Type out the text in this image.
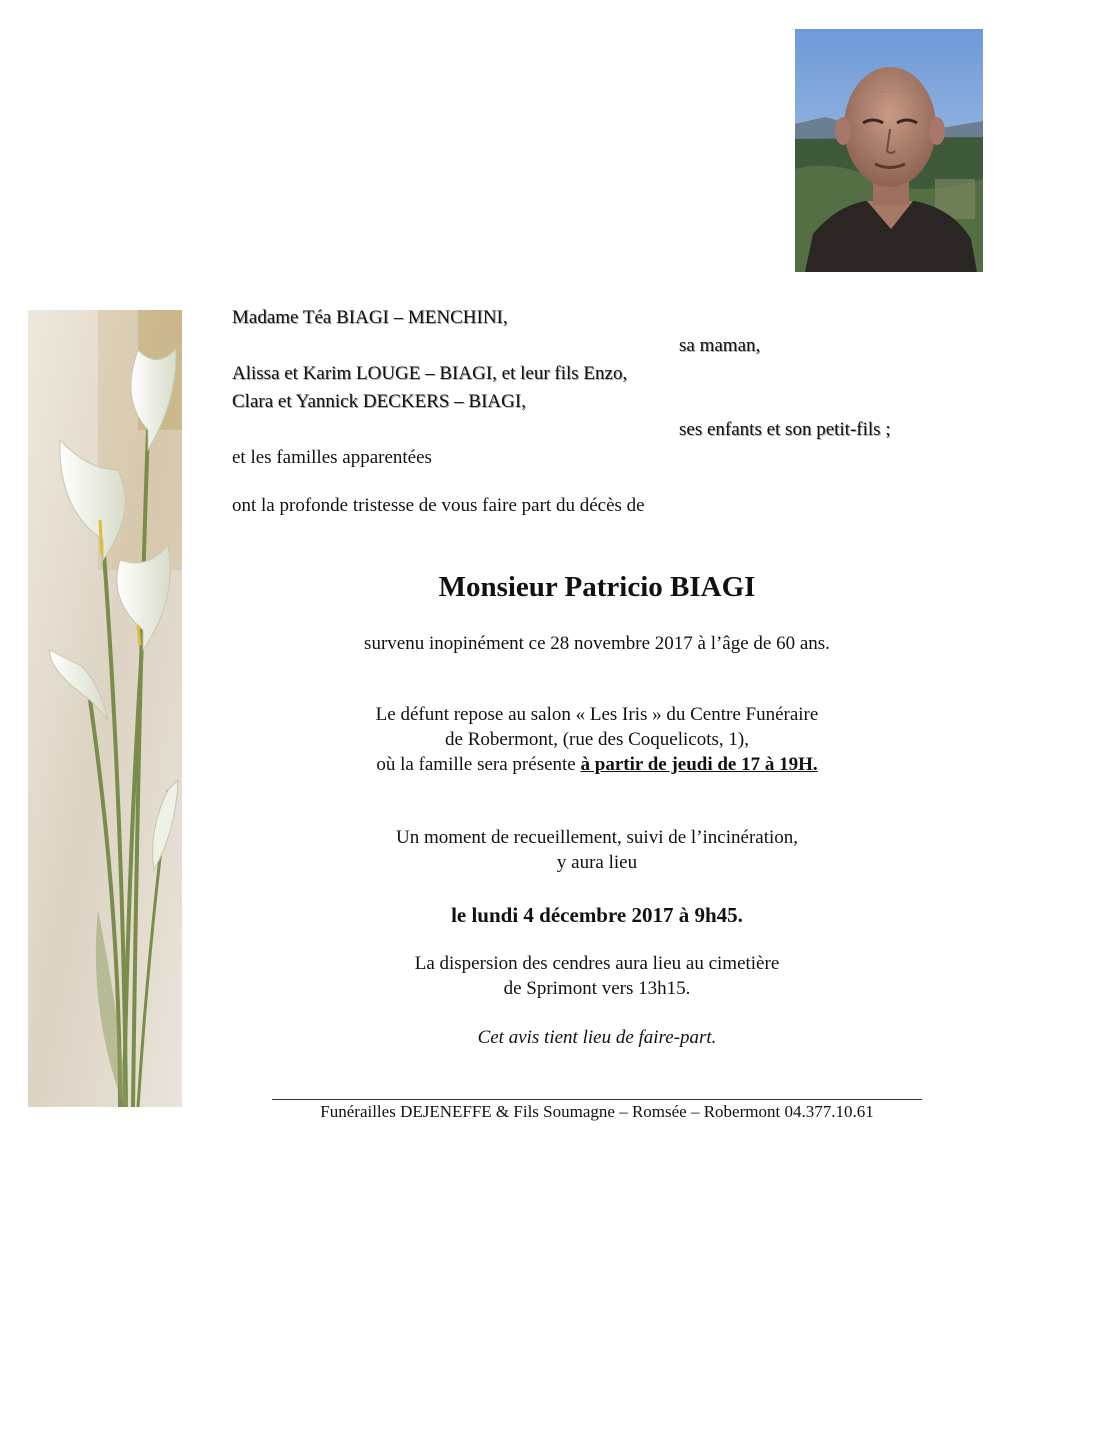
Madame Téa BIAGI – MENCHINI,
sa maman,
Alissa et Karim LOUGE – BIAGI, et leur fils Enzo,
Clara et Yannick DECKERS – BIAGI,
ses enfants et son petit-fils ;
et les familles apparentées
ont la profonde tristesse de vous faire part du décès de
Monsieur Patricio BIAGI
survenu inopinément ce 28 novembre 2017 à l’âge de 60 ans.
Le défunt repose au salon « Les Iris » du Centre Funéraire
de Robermont, (rue des Coquelicots, 1),
où la famille sera présente à partir de jeudi de 17 à 19H.
Un moment de recueillement, suivi de l’incinération,
y aura lieu
le lundi 4 décembre 2017 à 9h45.
La dispersion des cendres aura lieu au cimetière
de Sprimont vers 13h15.
Cet avis tient lieu de faire-part.
Funérailles DEJENEFFE & Fils Soumagne – Romsée – Robermont 04.377.10.61
